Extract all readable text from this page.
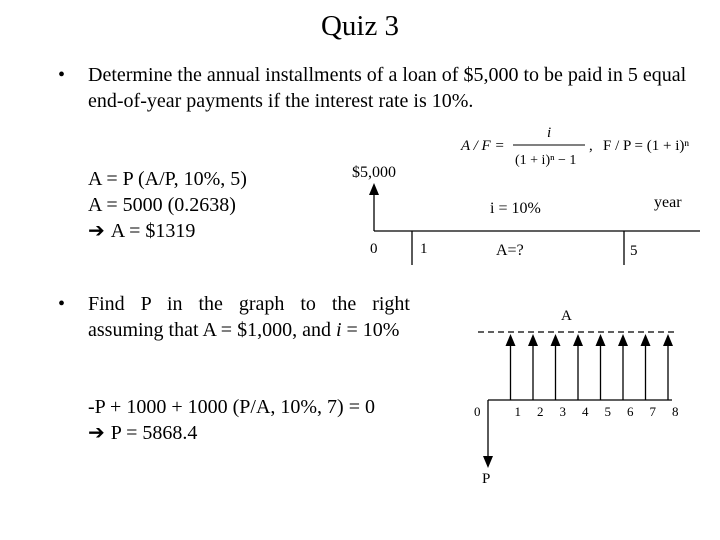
Quiz 3
• Determine the annual installments of a loan of $5,000 to be paid in 5 equal end-of-year payments if the interest rate is 10%.
A / F =
i
(1 + i)ⁿ − 1
, F / P = (1 + i)ⁿ
A = P (A/P, 10%, 5)
A = 5000 (0.2638)
➔ A = $1319
$5,000
i = 10%	year
0	1	A=?	5
• Find P in the graph to the right assuming that A = $1,000, and i = 10%
-P + 1000 + 1000 (P/A, 10%, 7) = 0
➔ P = 5868.4
A
0	1 2 3 4 5 6 7 8
P
